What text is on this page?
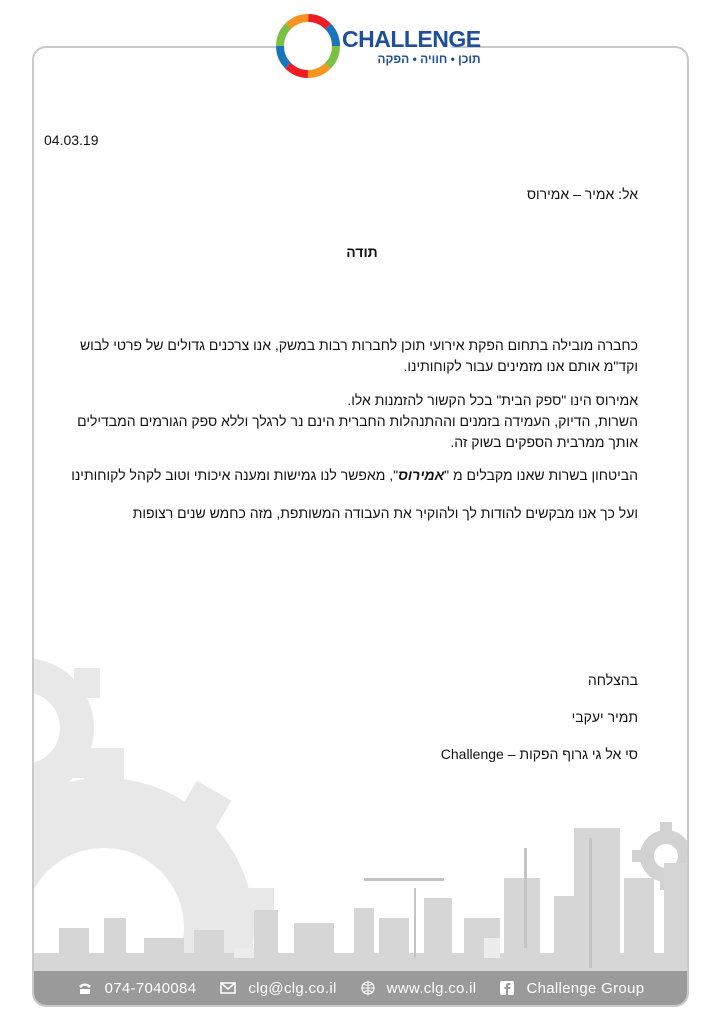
074-7040084	clg@clg.co.il	www.clg.co.il	Challenge Group
CHALLENGE
תוכן • חוויה • הפקה
04.03.19
אל: אמיר – אמירוס
תודה
כחברה מובילה בתחום הפקת אירועי תוכן לחברות רבות במשק, אנו צרכנים גדולים של פרטי לבוש וקד"מ אותם אנו מזמינים עבור לקוחותינו.
אמירוס הינו "ספק הבית" בכל הקשור להזמנות אלו.
השרות, הדיוק, העמידה בזמנים וההתנהלות החברית הינם נר לרגלך וללא ספק הגורמים המבדילים אותך ממרבית הספקים בשוק זה.
הביטחון בשרות שאנו מקבלים מ "אמירוס", מאפשר לנו גמישות ומענה איכותי וטוב לקהל לקוחותינו
ועל כך אנו מבקשים להודות לך ולהוקיר את העבודה המשותפת, מזה כחמש שנים רצופות
בהצלחה
תמיר יעקבי
סי אל גי גרוף הפקות – Challenge
